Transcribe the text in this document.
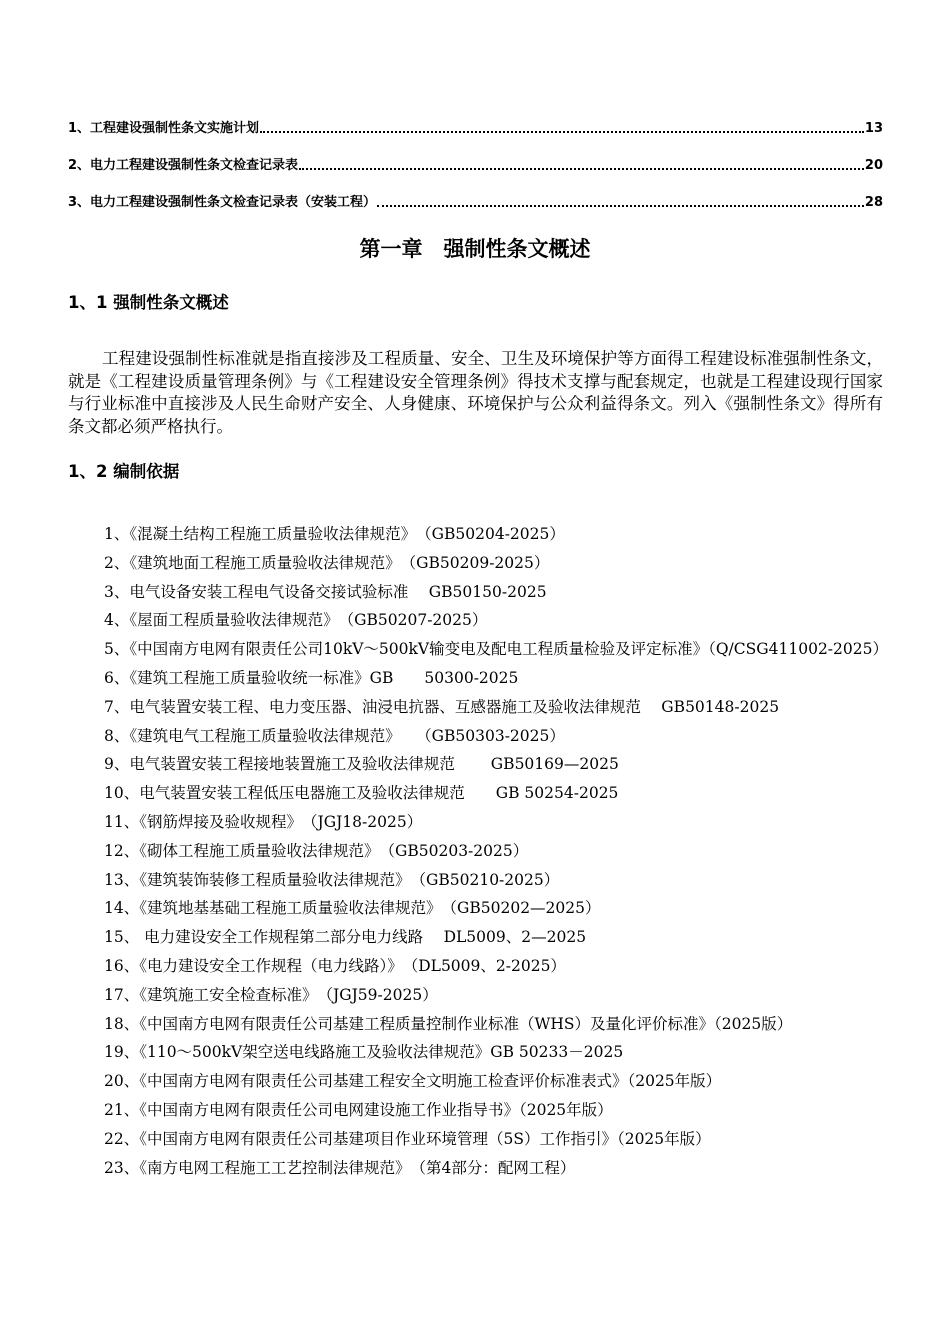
1、工程建设强制性条文实施计划	13
2、电力工程建设强制性条文检查记录表	20
3、电力工程建设强制性条文检查记录表（安装工程）	28
第一章　强制性条文概述
1、1 强制性条文概述

工程建设强制性标准就是指直接涉及工程质量、安全、卫生及环境保护等方面得工程建设标准强制性条文，就是《工程建设质量管理条例》与《工程建设安全管理条例》得技术支撑与配套规定，也就是工程建设现行国家与行业标准中直接涉及人民生命财产安全、人身健康、环境保护与公众利益得条文。列入《强制性条文》得所有条文都必须严格执行。

1、2 编制依据
1、《混凝土结构工程施工质量验收法律规范》　（GB50204-2025）
2、《建筑地面工程施工质量验收法律规范》　（GB50209-2025）
3、电气设备安装工程电气设备交接试验标准　 GB50150-2025
4、《屋面工程质量验收法律规范》　（GB50207-2025）
5、《中国南方电网有限责任公司10kV～500kV输变电及配电工程质量检验及评定标准》（Q/CSG411002-2025）
6、《建筑工程施工质量验收统一标准》GB　　50300-2025
7、电气装置安装工程、电力变压器、油浸电抗器、互感器施工及验收法律规范　 GB50148-2025
8、《建筑电气工程施工质量验收法律规范》　　（GB50303-2025）
9、电气装置安装工程接地装置施工及验收法律规范　　 GB50169—2025
10、电气装置安装工程低压电器施工及验收法律规范　　GB 50254-2025
11、《钢筋焊接及验收规程》　（JGJ18-2025）
12、《砌体工程施工质量验收法律规范》　（GB50203-2025）
13、《建筑装饰装修工程质量验收法律规范》　（GB50210-2025）
14、《建筑地基基础工程施工质量验收法律规范》　（GB50202—2025）
15、 电力建设安全工作规程第二部分电力线路　 DL5009、2—2025
16、《电力建设安全工作规程（电力线路）》　（DL5009、2-2025）
17、《建筑施工安全检查标准》　（JGJ59-2025）
18、《中国南方电网有限责任公司基建工程质量控制作业标准（WHS）及量化评价标准》（2025版）
19、《110～500kV架空送电线路施工及验收法律规范》GB 50233－2025
20、《中国南方电网有限责任公司基建工程安全文明施工检查评价标准表式》（2025年版）
21、《中国南方电网有限责任公司电网建设施工作业指导书》（2025年版）
22、《中国南方电网有限责任公司基建项目作业环境管理（5S）工作指引》（2025年版）
23、《南方电网工程施工工艺控制法律规范》　（第4部分：配网工程）
